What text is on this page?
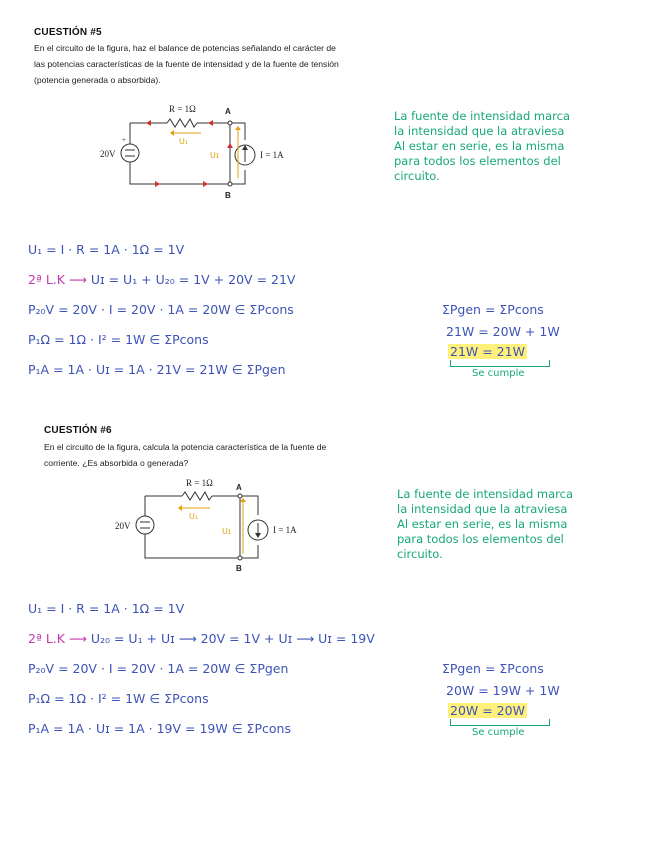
CUESTIÓN #5
En el circuito de la figura, haz el balance de potencias señalando el carácter de
las potencias características de la fuente de intensidad y de la fuente de tensión
(potencia generada o absorbida).
+
R = 1Ω	A
B
20V	I = 1A
U₁
Uɪ
La fuente de intensidad marca
la intensidad que la atraviesa
Al estar en serie, es la misma
para todos los elementos del
circuito.
U₁ = I · R = 1A · 1Ω = 1V
2ª L.K ⟶ Uɪ = U₁ + U₂₀ = 1V + 20V = 21V
P₂₀V = 20V · I = 20V · 1A = 20W ∈ ΣPcons
P₁Ω = 1Ω · I² = 1W ∈ ΣPcons
P₁A = 1A · Uɪ = 1A · 21V = 21W ∈ ΣPgen
ΣPgen = ΣPcons
21W = 20W + 1W
21W = 21W
Se cumple
CUESTIÓN #6
En el circuito de la figura, calcula la potencia característica de la fuente de
corriente. ¿Es absorbida o generada?
R = 1Ω	A
B
20V	I = 1A
U₁
Uɪ
La fuente de intensidad marca
la intensidad que la atraviesa
Al estar en serie, es la misma
para todos los elementos del
circuito.
U₁ = I · R = 1A · 1Ω = 1V
2ª L.K ⟶ U₂₀ = U₁ + Uɪ ⟶ 20V = 1V + Uɪ ⟶ Uɪ = 19V
P₂₀V = 20V · I = 20V · 1A = 20W ∈ ΣPgen
P₁Ω = 1Ω · I² = 1W ∈ ΣPcons
P₁A = 1A · Uɪ = 1A · 19V = 19W ∈ ΣPcons
ΣPgen = ΣPcons
20W = 19W + 1W
20W = 20W
Se cumple
